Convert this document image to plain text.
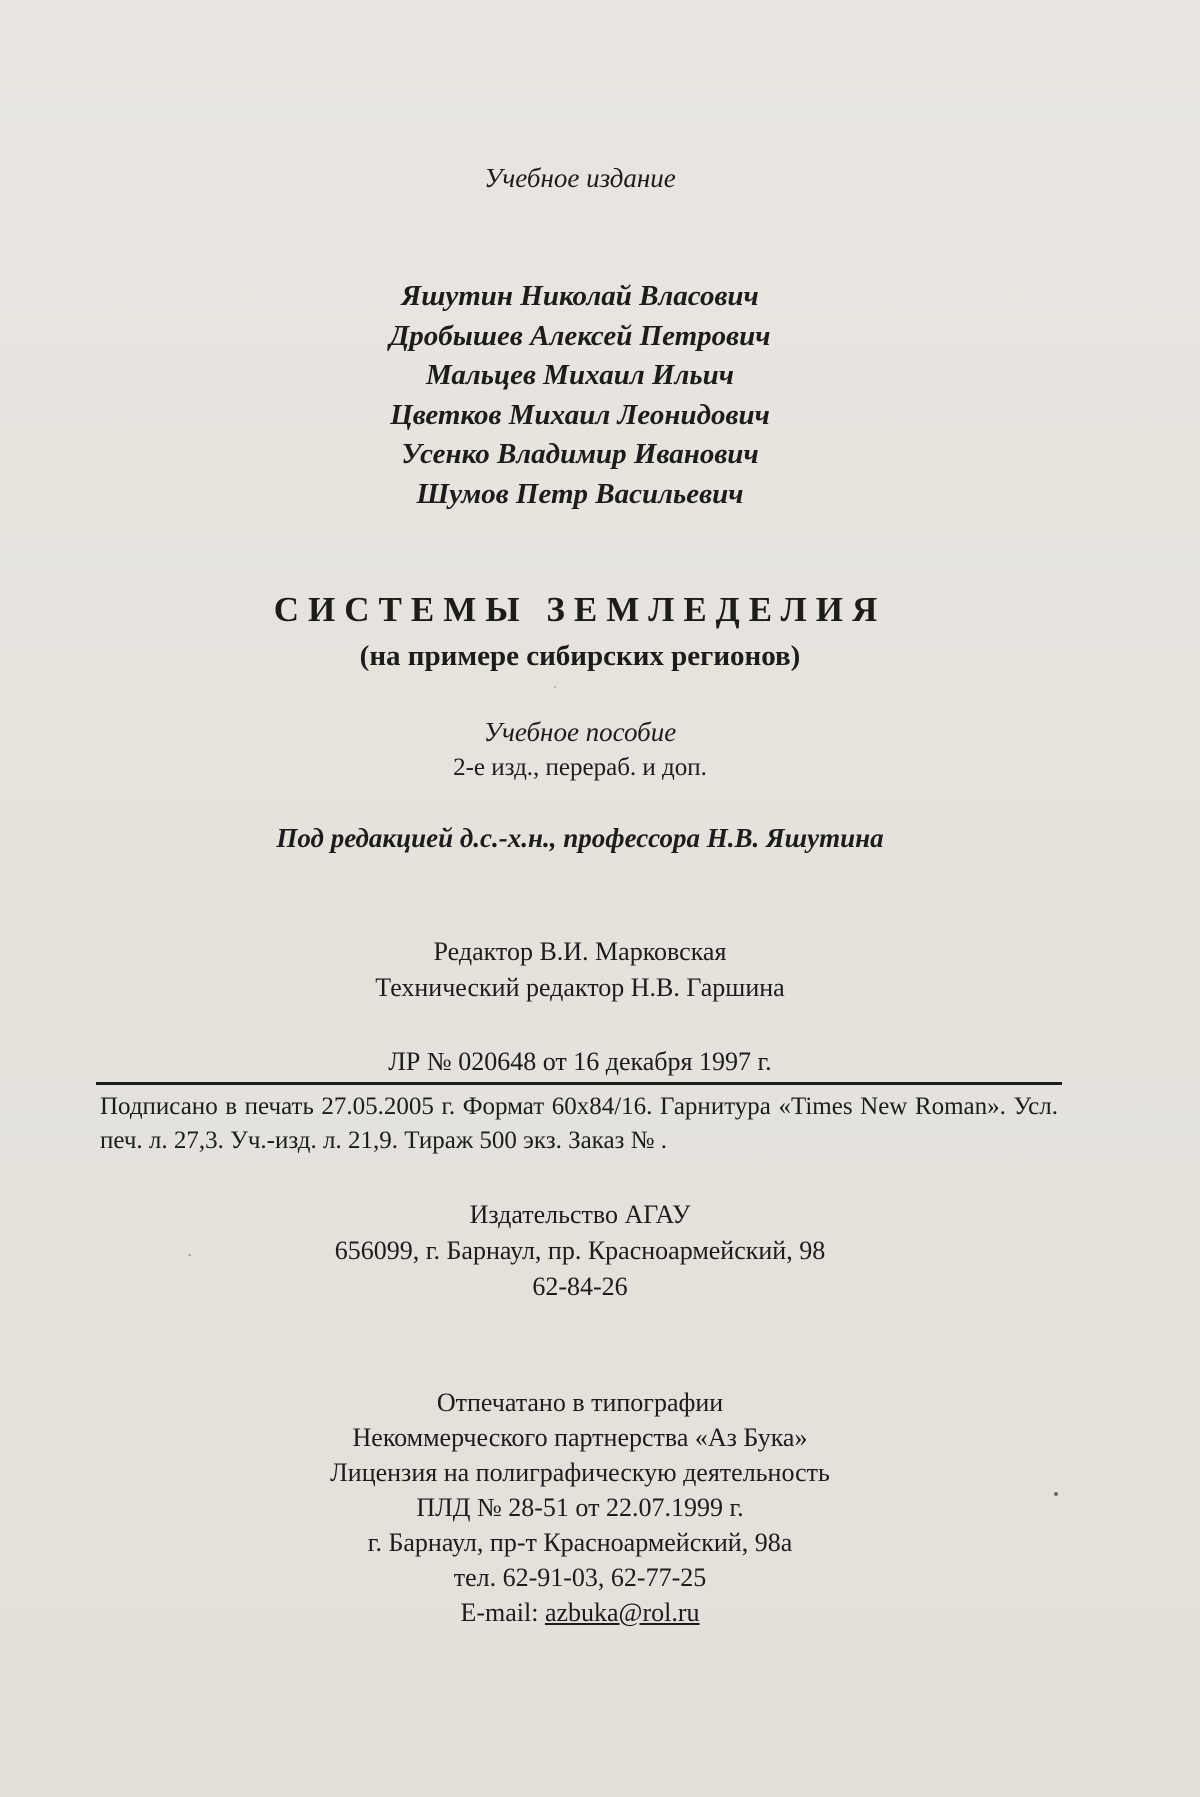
Учебное издание
Яшутин Николай Власович
Дробышев Алексей Петрович
Мальцев Михаил Ильич
Цветков Михаил Леонидович
Усенко Владимир Иванович
Шумов Петр Васильевич
СИСТЕМЫ ЗЕМЛЕДЕЛИЯ
(на примере сибирских регионов)
Учебное пособие
2-е изд., перераб. и доп.
Под редакцией д.с.-х.н., профессора Н.В. Яшутина
Редактор В.И. Марковская
Технический редактор Н.В. Гаршина
ЛР № 020648 от 16 декабря 1997 г.
Подписано в печать 27.05.2005 г. Формат 60х84/16. Гарнитура «Times New Roman». Усл. печ. л. 27,3. Уч.-изд. л. 21,9. Тираж 500 экз. Заказ № .
Издательство АГАУ
656099, г. Барнаул, пр. Красноармейский, 98
62-84-26
Отпечатано в типографии
Некоммерческого партнерства «Аз Бука»
Лицензия на полиграфическую деятельность
ПЛД № 28-51 от 22.07.1999 г.
г. Барнаул, пр-т Красноармейский, 98а
тел. 62-91-03, 62-77-25
E-mail: azbuka@rol.ru
